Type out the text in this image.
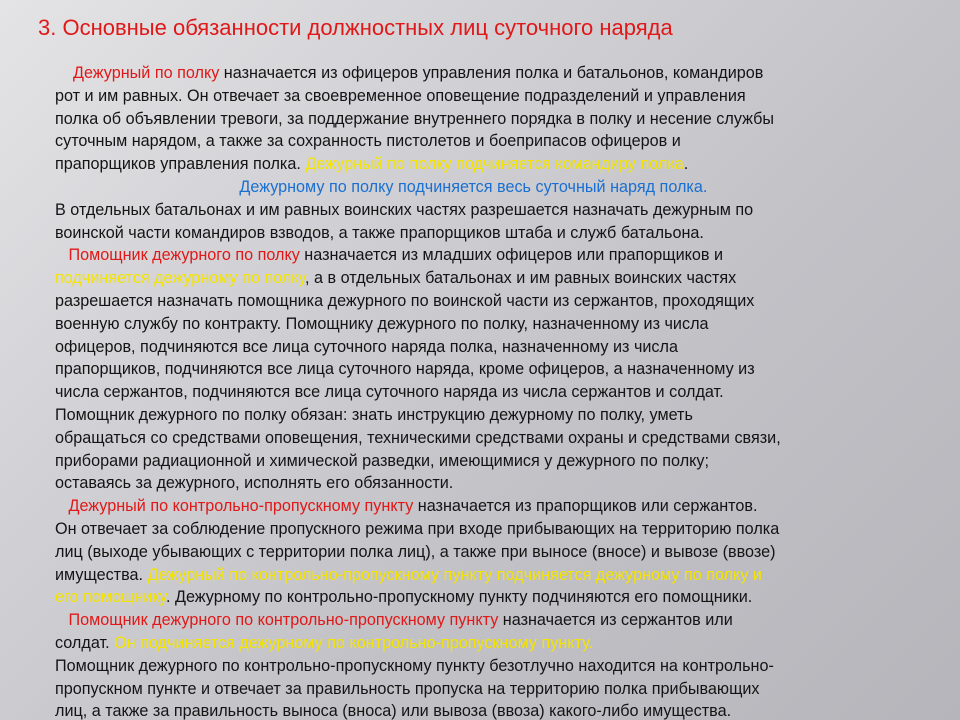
3. Основные обязанности должностных лиц суточного наряда
Дежурный по полку назначается из офицеров управления полка и батальонов, командиров
рот и им равных. Он отвечает за своевременное оповещение подразделений и управления
полка об объявлении тревоги, за поддержание внутреннего порядка в полку и несение службы
суточным нарядом, а также за сохранность пистолетов и боеприпасов офицеров и
прапорщиков управления полка. Дежурный по полку подчиняется командиру полка.
Дежурному по полку подчиняется весь суточный наряд полка.
В отдельных батальонах и им равных воинских частях разрешается назначать дежурным по
воинской части командиров взводов, а также прапорщиков штаба и служб батальона.
Помощник дежурного по полку назначается из младших офицеров или прапорщиков и
подчиняется дежурному по полку, а в отдельных батальонах и им равных воинских частях
разрешается назначать помощника дежурного по воинской части из сержантов, проходящих
военную службу по контракту. Помощнику дежурного по полку, назначенному из числа
офицеров, подчиняются все лица суточного наряда полка, назначенному из числа
прапорщиков, подчиняются все лица суточного наряда, кроме офицеров, а назначенному из
числа сержантов, подчиняются все лица суточного наряда из числа сержантов и солдат.
Помощник дежурного по полку обязан: знать инструкцию дежурному по полку, уметь
обращаться со средствами оповещения, техническими средствами охраны и средствами связи,
приборами радиационной и химической разведки, имеющимися у дежурного по полку;
оставаясь за дежурного, исполнять его обязанности.
Дежурный по контрольно-пропускному пункту назначается из прапорщиков или сержантов.
Он отвечает за соблюдение пропускного режима при входе прибывающих на территорию полка
лиц (выходе убывающих с территории полка лиц), а также при выносе (вносе) и вывозе (ввозе)
имущества. Дежурный по контрольно-пропускному пункту подчиняется дежурному по полку и
его помощнику. Дежурному по контрольно-пропускному пункту подчиняются его помощники.
Помощник дежурного по контрольно-пропускному пункту назначается из сержантов или
солдат. Он подчиняется дежурному по контрольно-пропускному пункту.
Помощник дежурного по контрольно-пропускному пункту безотлучно находится на контрольно-
пропускном пункте и отвечает за правильность пропуска на территорию полка прибывающих
лиц, а также за правильность выноса (вноса) или вывоза (ввоза) какого-либо имущества.
